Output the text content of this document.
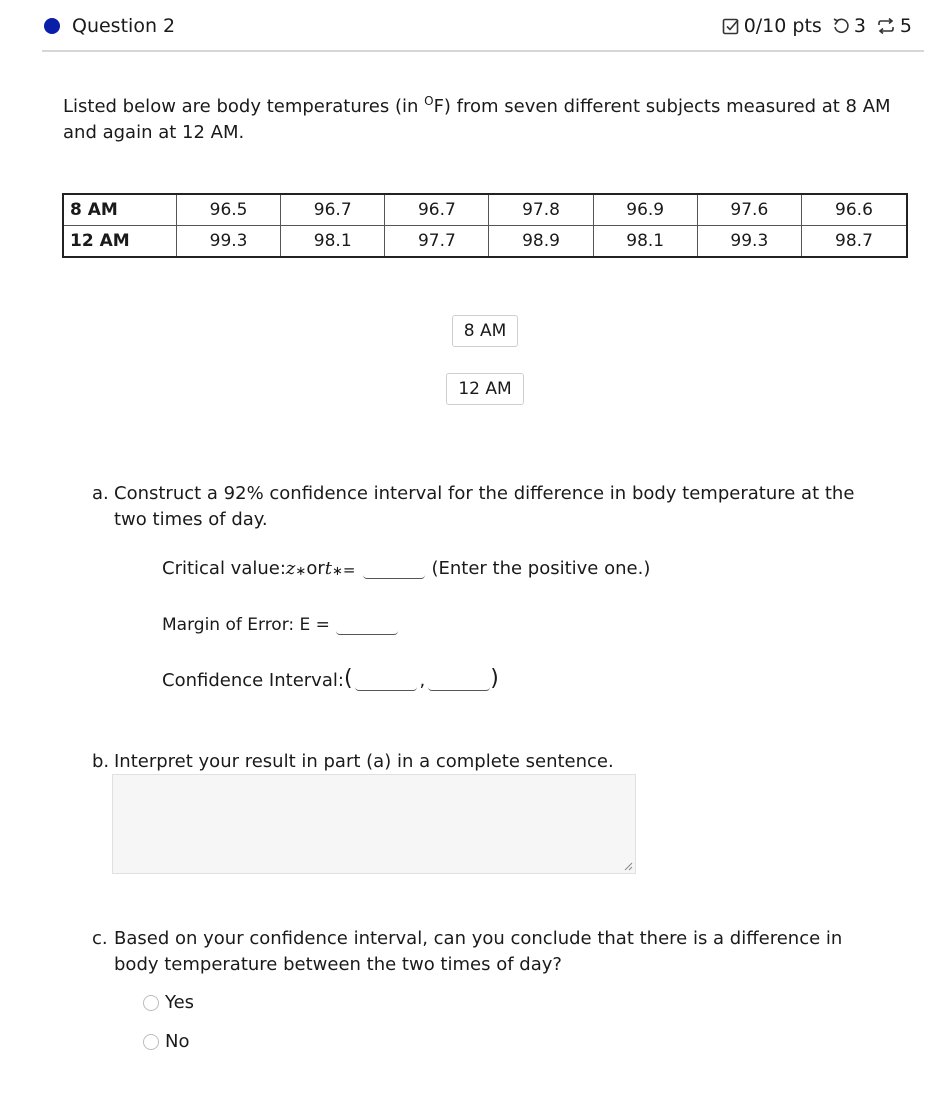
Question 2	0/10 pts 3 5
Listed below are body temperatures (in $^O$F) from seven different subjects measured at 8 AM and again at 12 AM.
8 AM	96.5	96.7	96.7	97.8	96.9	97.6	96.6
12 AM	99.3	98.1	97.7	98.9	98.1	99.3	98.7
8 AM
12 AM
a. Construct a 92% confidence interval for the difference in body temperature at the two times of day.
Critical value: z ∗ or t ∗ =	(Enter the positive one.)
Margin of Error: E =
Confidence Interval: (	,	)
b. Interpret your result in part (a) in a complete sentence.
c. Based on your confidence interval, can you conclude that there is a difference in body temperature between the two times of day?
Yes
No
